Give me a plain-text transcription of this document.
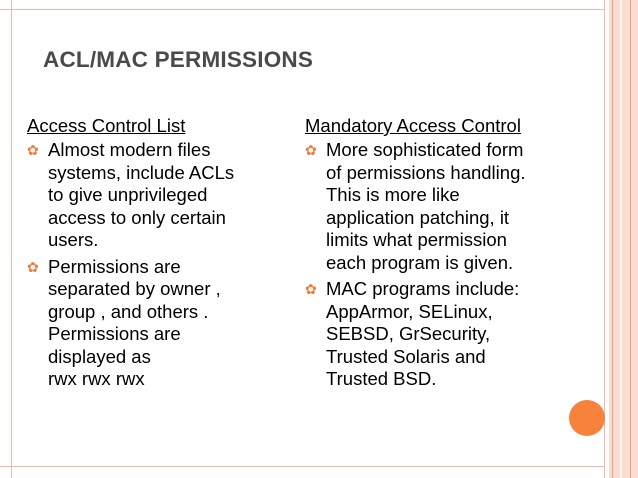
ACL/MAC PERMISSIONS
Access Control List
✿ Almost modern files
systems, include ACLs
to give unprivileged
access to only certain
users.
✿ Permissions are
separated by owner ,
group , and others .
Permissions are
displayed as
rwx rwx rwx
Mandatory Access Control
✿ More sophisticated form
of permissions handling.
This is more like
application patching, it
limits what permission
each program is given.
✿ MAC programs include:
AppArmor, SELinux,
SEBSD, GrSecurity,
Trusted Solaris and
Trusted BSD.
